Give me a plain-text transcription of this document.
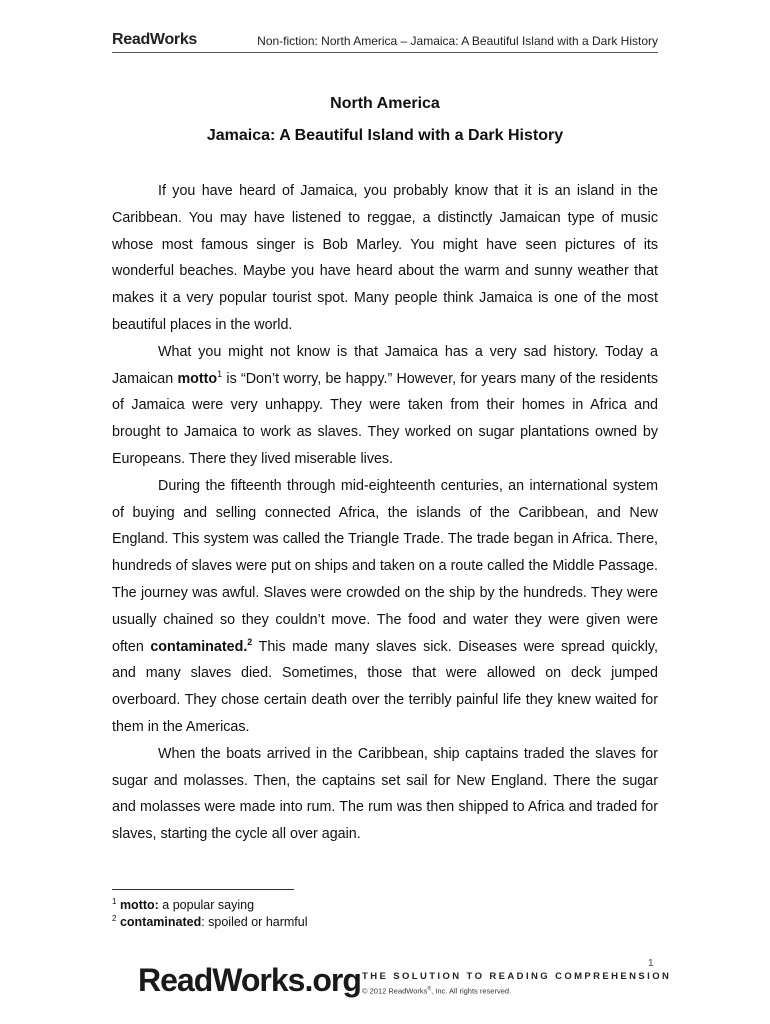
ReadWorks	Non-fiction: North America – Jamaica: A Beautiful Island with a Dark History
North America
Jamaica: A Beautiful Island with a Dark History

If you have heard of Jamaica, you probably know that it is an island in the Caribbean. You may have listened to reggae, a distinctly Jamaican type of music whose most famous singer is Bob Marley. You might have seen pictures of its wonderful beaches. Maybe you have heard about the warm and sunny weather that makes it a very popular tourist spot. Many people think Jamaica is one of the most beautiful places in the world.

What you might not know is that Jamaica has a very sad history. Today a Jamaican motto$^1$ is “Don’t worry, be happy.” However, for years many of the residents of Jamaica were very unhappy. They were taken from their homes in Africa and brought to Jamaica to work as slaves. They worked on sugar plantations owned by Europeans. There they lived miserable lives.

During the fifteenth through mid-eighteenth centuries, an international system of buying and selling connected Africa, the islands of the Caribbean, and New England. This system was called the Triangle Trade. The trade began in Africa. There, hundreds of slaves were put on ships and taken on a route called the Middle Passage. The journey was awful. Slaves were crowded on the ship by the hundreds. They were usually chained so they couldn’t move. The food and water they were given were often contaminated.$^2$ This made many slaves sick. Diseases were spread quickly, and many slaves died. Sometimes, those that were allowed on deck jumped overboard. They chose certain death over the terribly painful life they knew waited for them in the Americas.

When the boats arrived in the Caribbean, ship captains traded the slaves for sugar and molasses. Then, the captains set sail for New England. There the sugar and molasses were made into rum. The rum was then shipped to Africa and traded for slaves, starting the cycle all over again.

$^1$ motto: a popular saying
$^2$ contaminated: spoiled or harmful
1
ReadWorks.org THE SOLUTION TO READING COMPREHENSION
© 2012 ReadWorks®, Inc. All rights reserved.
